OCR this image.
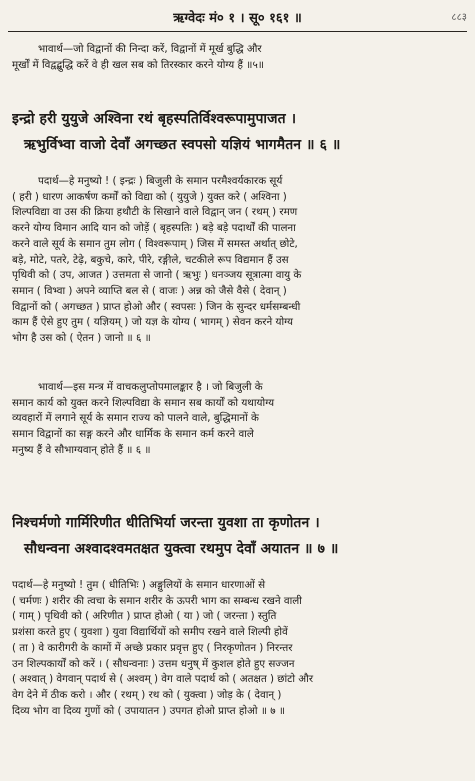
ऋग्वेदः मं० १ । सू० १६१ ॥	८८३
भावार्थ—जो विद्वानों की निन्दा करें, विद्वानों में मूर्ख बुद्धि और
मूर्खों में विद्वद्बुद्धि करें वे ही खल सब को तिरस्कार करने योग्य हैं ॥५॥
इन्द्रो हरी युयुजे अश्विना रथं बृहस्पतिर्विश्वरूपामुपाजत ।
ऋभुर्विभ्वा वाजो देवाँ अगच्छत स्वपसो यज्ञियं भागमैतन ॥ ६ ॥
पदार्थ—हे मनुष्यो ! ( इन्द्रः ) बिजुली के समान परमैश्वर्यकारक सूर्य
( हरी ) धारण आकर्षण कर्मों को विद्या को ( युयुजे ) युक्त करे ( अश्विना )
शिल्पविद्या वा उस की क्रिया हथौटी के सिखाने वाले विद्वान् जन ( रथम् ) रमण
करने योग्य विमान आदि यान को जोड़ें ( बृहस्पतिः ) बड़े बड़े पदार्थों की पालना
करने वाले सूर्य के समान तुम लोग ( विश्वरूपाम् ) जिस में समस्त अर्थात् छोटे,
बड़े, मोटे, पतरे, टेढ़े, बकुचे, कारे, पीरे, रङ्गीले, चटकीले रूप विद्यमान हैं उस
पृथिवी को ( उप, आजत ) उत्तमता से जानो ( ऋभुः ) धनञ्जय सूत्रात्मा वायु के
समान ( विभ्वा ) अपने व्याप्ति बल से ( वाजः ) अन्न को जैसे वैसे ( देवान् )
विद्वानों को ( अगच्छत ) प्राप्त होओ और ( स्वपसः ) जिन के सुन्दर धर्मसम्बन्धी
काम हैं ऐसे हुए तुम ( यज्ञियम् ) जो यज्ञ के योग्य ( भागम् ) सेवन करने योग्य
भोग है उस को ( ऐतन ) जानो ॥ ६ ॥
भावार्थ—इस मन्त्र में वाचकलुप्तोपमालङ्कार है । जो बिजुली के
समान कार्य को युक्त करने शिल्पविद्या के समान सब कार्यों को यथायोग्य
व्यवहारों में लगाने सूर्य के समान राज्य को पालने वाले, बुद्धिमानों के
समान विद्वानों का सङ्ग करने और धार्मिक के समान कर्म करने वाले
मनुष्य हैं वे सौभाग्यवान् होते हैं ॥ ६ ॥
निश्चर्मणो गार्मिरिणीत धीतिभिर्या जरन्ता युवशा ता कृणोतन ।
सौधन्वना अश्वादश्वमतक्षत युक्त्वा रथमुप देवाँ अयातन ॥ ७ ॥
पदार्थ—हे मनुष्यो ! तुम ( धीतिभिः ) अङ्गुलियों के समान धारणाओं से
( चर्मणः ) शरीर की त्वचा के समान शरीर के ऊपरी भाग का सम्बन्ध रखने वाली
( गाम् ) पृथिवी को ( अरिणीत ) प्राप्त होओ ( या ) जो ( जरन्ता ) स्तुति
प्रशंसा करते हुए ( युवशा ) युवा विद्यार्थियों को समीप रखने वाले शिल्पी होवें
( ता ) वे कारीगरी के कामों में अच्छे प्रकार प्रवृत्त हुए ( निरकृणोतन ) निरन्तर
उन शिल्पकार्यों को करें । ( सौधन्वनाः ) उत्तम धनुष् में कुशल होते हुए सज्जन
( अश्वात् ) वेगवान् पदार्थ से ( अश्वम् ) वेग वाले पदार्थ को ( अतक्षत ) छांटो और
वेग देने में ठीक करो । और ( रथम् ) रथ को ( युक्त्वा ) जोड़ के ( देवान् )
दिव्य भोग वा दिव्य गुणों को ( उपायातन ) उपगत होओ प्राप्त होओ ॥ ७ ॥
